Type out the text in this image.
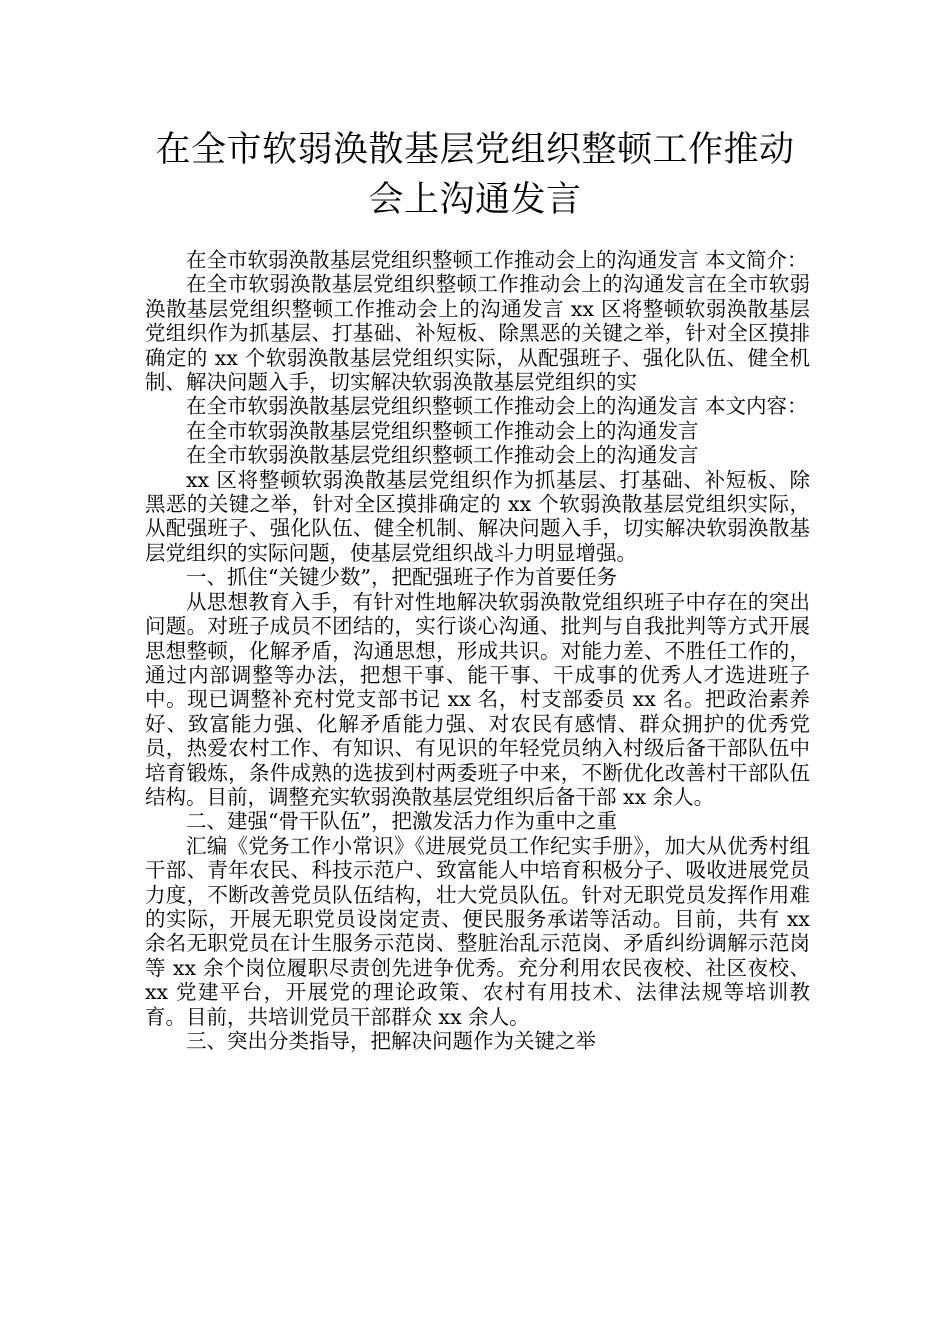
在全市软弱涣散基层党组织整顿工作推动会上沟通发言

在全市软弱涣散基层党组织整顿工作推动会上的沟通发言 本文简介：

在全市软弱涣散基层党组织整顿工作推动会上的沟通发言在全市软弱涣散基层党组织整顿工作推动会上的沟通发言 xx 区将整顿软弱涣散基层党组织作为抓基层、打基础、补短板、除黑恶的关键之举，针对全区摸排确定的 xx 个软弱涣散基层党组织实际，从配强班子、强化队伍、健全机制、解决问题入手，切实解决软弱涣散基层党组织的实

在全市软弱涣散基层党组织整顿工作推动会上的沟通发言 本文内容：

在全市软弱涣散基层党组织整顿工作推动会上的沟通发言

在全市软弱涣散基层党组织整顿工作推动会上的沟通发言

xx 区将整顿软弱涣散基层党组织作为抓基层、打基础、补短板、除黑恶的关键之举，针对全区摸排确定的 xx 个软弱涣散基层党组织实际，从配强班子、强化队伍、健全机制、解决问题入手，切实解决软弱涣散基层党组织的实际问题，使基层党组织战斗力明显增强。

一、抓住“关键少数”，把配强班子作为首要任务

从思想教育入手，有针对性地解决软弱涣散党组织班子中存在的突出问题。对班子成员不团结的，实行谈心沟通、批判与自我批判等方式开展思想整顿，化解矛盾，沟通思想，形成共识。对能力差、不胜任工作的，通过内部调整等办法，把想干事、能干事、干成事的优秀人才选进班子中。现已调整补充村党支部书记 xx 名，村支部委员 xx 名。把政治素养好、致富能力强、化解矛盾能力强、对农民有感情、群众拥护的优秀党员，热爱农村工作、有知识、有见识的年轻党员纳入村级后备干部队伍中培育锻炼，条件成熟的选拔到村两委班子中来，不断优化改善村干部队伍结构。目前，调整充实软弱涣散基层党组织后备干部 xx 余人。

二、建强“骨干队伍”，把激发活力作为重中之重

汇编《党务工作小常识》《进展党员工作纪实手册》，加大从优秀村组干部、青年农民、科技示范户、致富能人中培育积极分子、吸收进展党员力度，不断改善党员队伍结构，壮大党员队伍。针对无职党员发挥作用难的实际，开展无职党员设岗定责、便民服务承诺等活动。目前，共有 xx 余名无职党员在计生服务示范岗、整脏治乱示范岗、矛盾纠纷调解示范岗等 xx 余个岗位履职尽责创先进争优秀。充分利用农民夜校、社区夜校、xx 党建平台，开展党的理论政策、农村有用技术、法律法规等培训教育。目前，共培训党员干部群众 xx 余人。

三、突出分类指导，把解决问题作为关键之举
